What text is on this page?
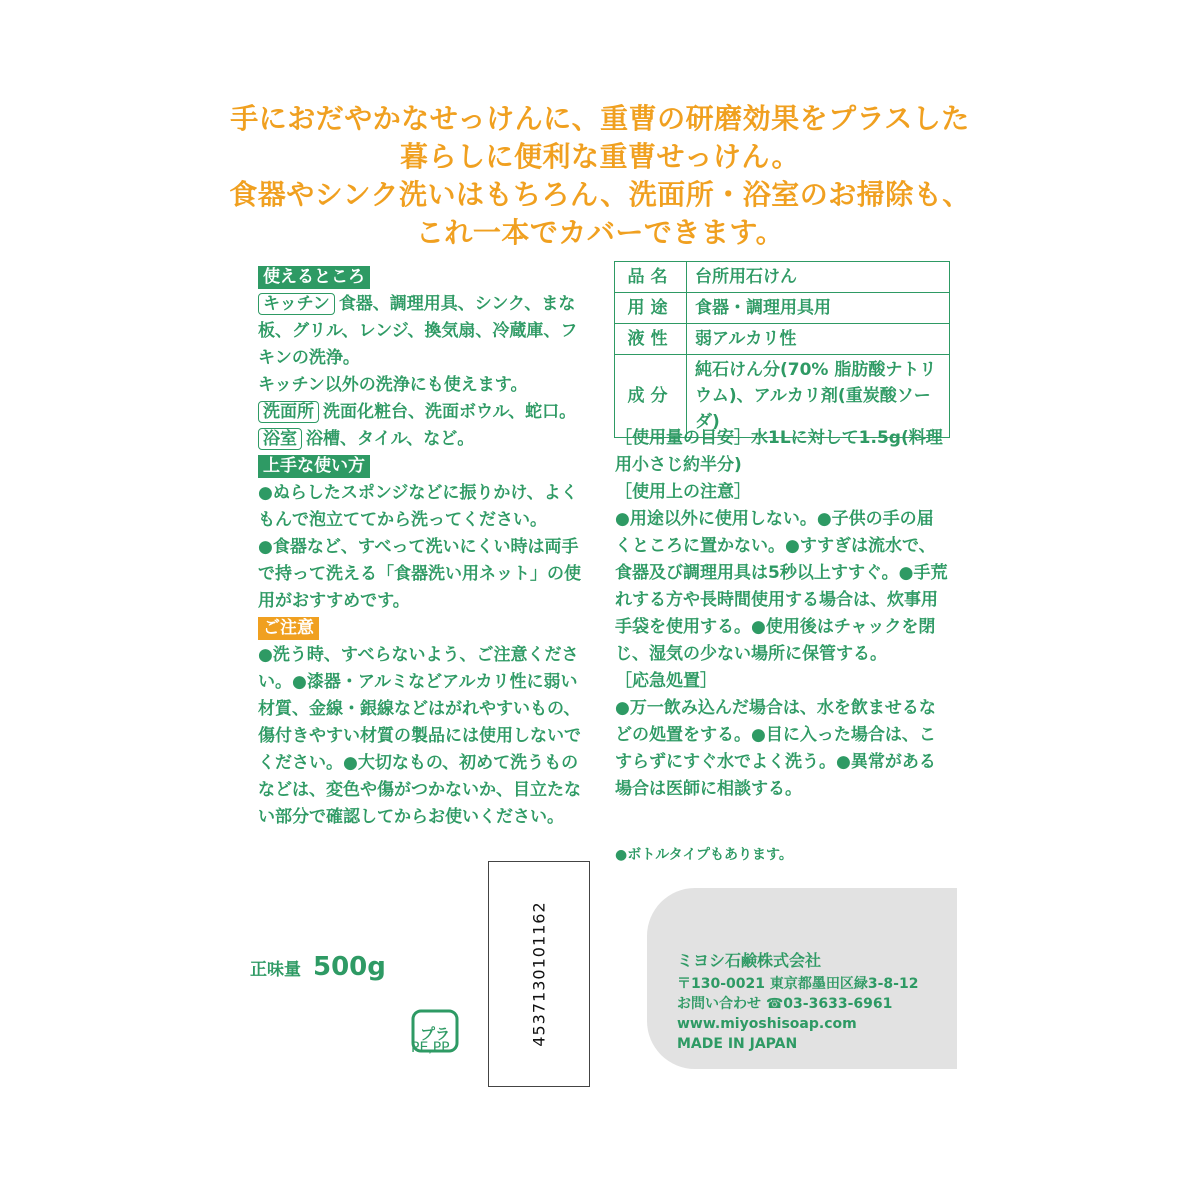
手におだやかなせっけんに、重曹の研磨効果をプラスした
暮らしに便利な重曹せっけん。
食器やシンク洗いはもちろん、洗面所・浴室のお掃除も、
これ一本でカバーできます。
使えるところ

キッチン 食器、調理用具、シンク、まな板、グリル、レンジ、換気扇、冷蔵庫、フキンの洗浄。

キッチン以外の洗浄にも使えます。

洗面所 洗面化粧台、洗面ボウル、蛇口。

浴室 浴槽、タイル、など。

上手な使い方

●ぬらしたスポンジなどに振りかけ、よくもんで泡立ててから洗ってください。

●食器など、すべって洗いにくい時は両手で持って洗える「食器洗い用ネット」の使用がおすすめです。

ご注意

●洗う時、すべらないよう、ご注意ください。●漆器・アルミなどアルカリ性に弱い材質、金線・銀線などはがれやすいもの、傷付きやすい材質の製品には使用しないでください。●大切なもの、初めて洗うものなどは、変色や傷がつかないか、目立たない部分で確認してからお使いください。

品名	台所用石けん
用途	食器・調理用具用
液性	弱アルカリ性
成分	純石けん分(70% 脂肪酸ナトリウム)、アルカリ剤(重炭酸ソーダ)

［使用量の目安］水1Lに対して1.5g(料理用小さじ約半分)

［使用上の注意］

●用途以外に使用しない。●子供の手の届くところに置かない。●すすぎは流水で、食器及び調理用具は5秒以上すすぐ。●手荒れする方や長時間使用する場合は、炊事用手袋を使用する。●使用後はチャックを閉じ、湿気の少ない場所に保管する。

［応急処置］

●万一飲み込んだ場合は、水を飲ませるなどの処置をする。●目に入った場合は、こすらずにすぐ水でよく洗う。●異常がある場合は医師に相談する。

●ボトルタイプもあります。
正味量 500g
プラ
PE,PP
4537130101162	ミヨシ石鹸株式会社
〒130-0021 東京都墨田区緑3-8-12
お問い合わせ ☎03-3633-6961
www.miyoshisoap.com
MADE IN JAPAN
